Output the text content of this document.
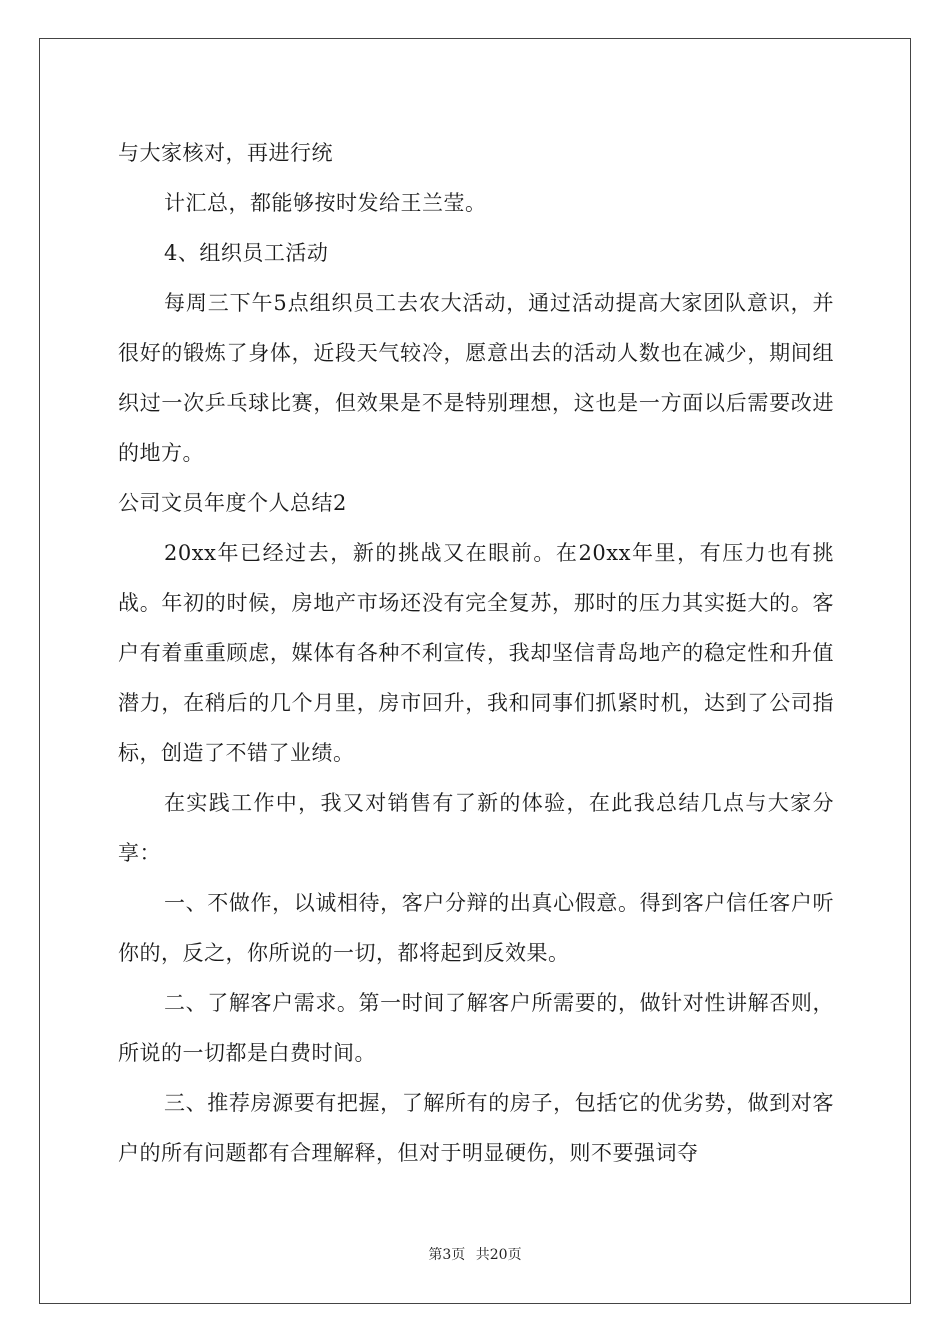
与大家核对，再进行统

计汇总，都能够按时发给王兰莹。

4、组织员工活动

每周三下午5点组织员工去农大活动，通过活动提高大家团队意识，并很好的锻炼了身体，近段天气较冷，愿意出去的活动人数也在减少，期间组织过一次乒乓球比赛，但效果是不是特别理想，这也是一方面以后需要改进的地方。

公司文员年度个人总结2

20xx年已经过去，新的挑战又在眼前。在20xx年里，有压力也有挑战。年初的时候，房地产市场还没有完全复苏，那时的压力其实挺大的。客户有着重重顾虑，媒体有各种不利宣传，我却坚信青岛地产的稳定性和升值潜力，在稍后的几个月里，房市回升，我和同事们抓紧时机，达到了公司指标，创造了不错了业绩。

在实践工作中，我又对销售有了新的体验，在此我总结几点与大家分享：

一、不做作，以诚相待，客户分辩的出真心假意。得到客户信任客户听你的，反之，你所说的一切，都将起到反效果。

二、了解客户需求。第一时间了解客户所需要的，做针对性讲解否则，所说的一切都是白费时间。

三、推荐房源要有把握，了解所有的房子，包括它的优劣势，做到对客户的所有问题都有合理解释，但对于明显硬伤，则不要强词夺

第3页 共20页
